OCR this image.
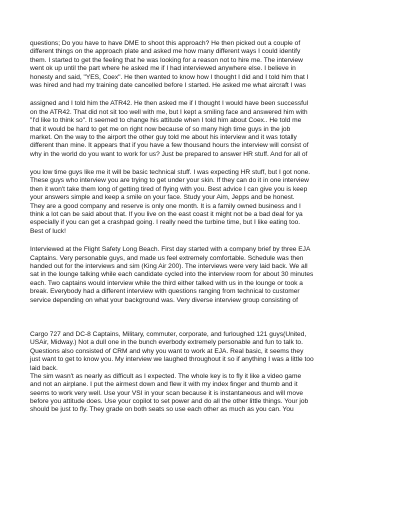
questions; Do you have to have DME to shoot this approach? He then picked out a couple of
different things on the approach plate and asked me how many different ways I could identify
them. I started to get the feeling that he was looking for a reason not to hire me. The interview
went ok up until the part where he asked me if I had interviewed anywhere else. I believe in
honesty and said, "YES, Coex". He then wanted to know how I thought I did and I told him that I
was hired and had my training date cancelled before I started. He asked me what aircraft I was

assigned and I told him the ATR42. He then asked me if I thought I would have been successful
on the ATR42. That did not sit too well with me, but I kept a smiling face and answered him with
"I'd like to think so". It seemed to change his attitude when I told him about Coex.. He told me
that it would be hard to get me on right now because of so many high time guys in the job
market. On the way to the airport the other guy told me about his interview and it was totally
different than mine. It appears that if you have a few thousand hours the interview will consist of
why in the world do you want to work for us? Just be prepared to answer HR stuff. And for all of

you low time guys like me it will be basic technical stuff. I was expecting HR stuff, but I got none.
These guys who interview you are trying to get under your skin. If they can do it in one interview
then it won't take them long of getting tired of flying with you. Best advice I can give you is keep
your answers simple and keep a smile on your face. Study your Aim, Jepps and be honest.
They are a good company and reserve is only one month. It is a family owned business and I
think a lot can be said about that. If you live on the east coast it might not be a bad deal for ya
especially if you can get a crashpad going. I really need the turbine time, but I like eating too.
Best of luck!

Interviewed at the Flight Safety Long Beach. First day started with a company brief by three EJA
Captains. Very personable guys, and made us feel extremely comfortable. Schedule was then
handed out for the interviews and sim (King Air 200). The interviews were very laid back. We all
sat in the lounge talking while each candidate cycled into the interview room for about 30 minutes
each. Two captains would interview while the third either talked with us in the lounge or took a
break. Everybody had a different interview with questions ranging from technical to customer
service depending on what your background was. Very diverse interview group consisting of

Cargo 727 and DC-8 Captains, Military, commuter, corporate, and furloughed 121 guys(United,
USAir, Midway.) Not a dull one in the bunch everbody extremely personable and fun to talk to.
Questions also consisted of CRM and why you want to work at EJA. Real basic, it seems they
just want to get to know you. My interview we laughed throughout it so if anything I was a little too
laid back.
The sim wasn't as nearly as difficult as I expected. The whole key is to fly it like a video game
and not an airplane. I put the airmest down and flew it with my index finger and thumb and it
seems to work very well. Use your VSI in your scan because it is instantaneous and will move
before you attitude does. Use your copilot to set power and do all the other little things. Your job
should be just to fly. They grade on both seats so use each other as much as you can. You
